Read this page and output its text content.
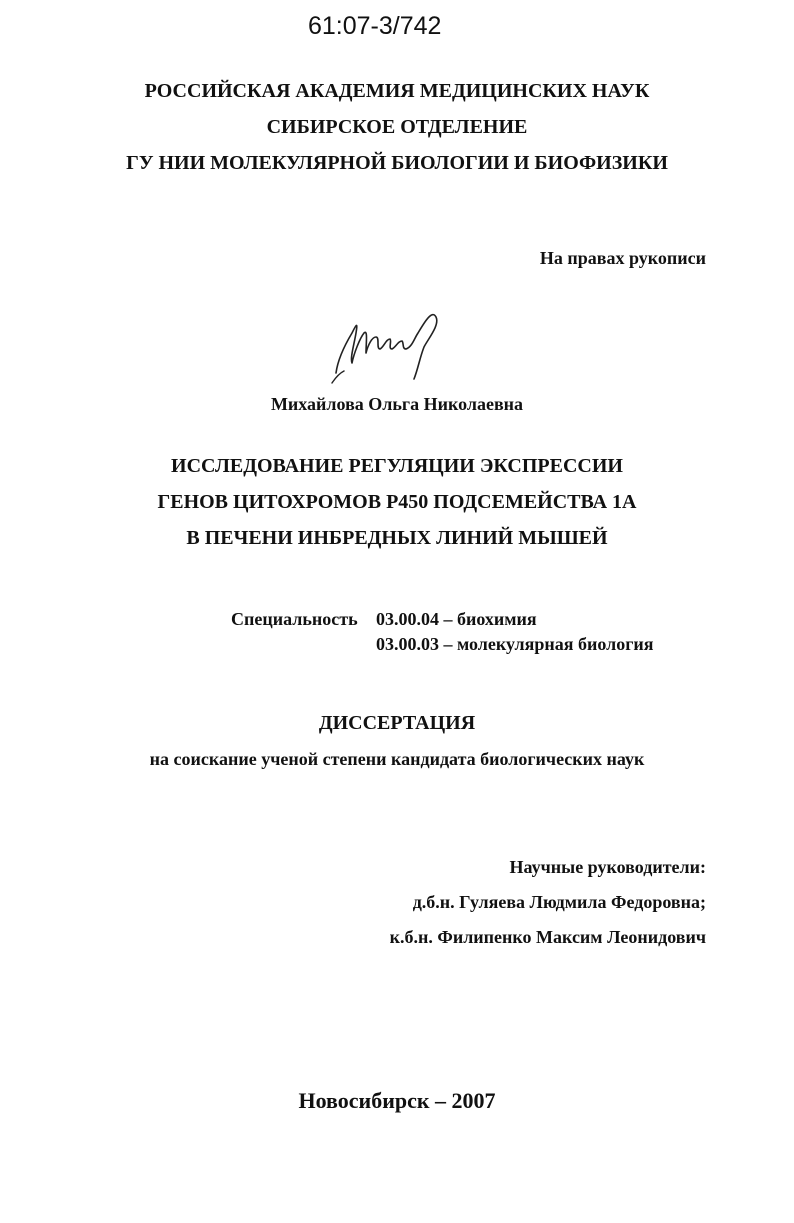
61:07-3/742
РОССИЙСКАЯ АКАДЕМИЯ МЕДИЦИНСКИХ НАУК
СИБИРСКОЕ ОТДЕЛЕНИЕ
ГУ НИИ МОЛЕКУЛЯРНОЙ БИОЛОГИИ И БИОФИЗИКИ
На правах рукописи
Михайлова Ольга Николаевна
ИССЛЕДОВАНИЕ РЕГУЛЯЦИИ ЭКСПРЕССИИ
ГЕНОВ ЦИТОХРОМОВ Р450 ПОДСЕМЕЙСТВА 1А
В ПЕЧЕНИ ИНБРЕДНЫХ ЛИНИЙ МЫШЕЙ
Специальность 03.00.04 – биохимия
03.00.03 – молекулярная биология
ДИССЕРТАЦИЯ
на соискание ученой степени кандидата биологических наук
Научные руководители:
д.б.н. Гуляева Людмила Федоровна;
к.б.н. Филипенко Максим Леонидович
Новосибирск – 2007
